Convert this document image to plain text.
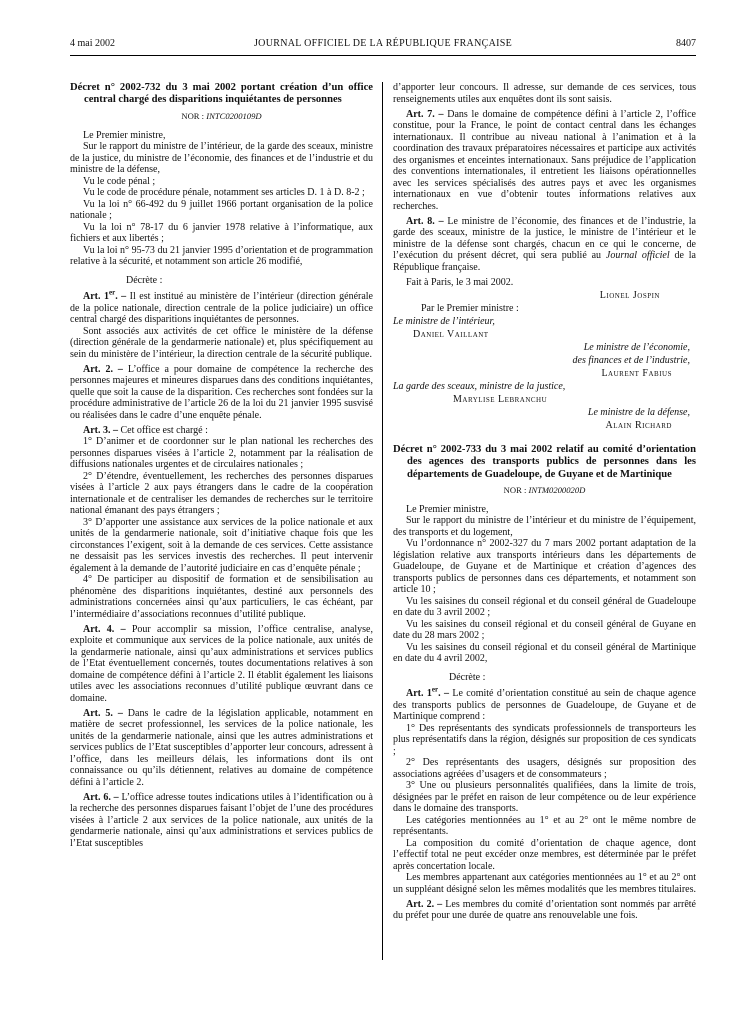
4 mai 2002	JOURNAL OFFICIEL DE LA RÉPUBLIQUE FRANÇAISE	8407
Décret n° 2002-732 du 3 mai 2002 portant création d’un office central chargé des disparitions inquiétantes de personnes
NOR : INTC0200109D
Le Premier ministre,
Sur le rapport du ministre de l’intérieur, de la garde des sceaux, ministre de la justice, du ministre de l’économie, des finances et de l’industrie et du ministre de la défense,
Vu le code pénal ;
Vu le code de procédure pénale, notamment ses articles D. 1 à D. 8-2 ;
Vu la loi n° 66-492 du 9 juillet 1966 portant organisation de la police nationale ;
Vu la loi n° 78-17 du 6 janvier 1978 relative à l’informatique, aux fichiers et aux libertés ;
Vu la loi n° 95-73 du 21 janvier 1995 d’orientation et de programmation relative à la sécurité, et notamment son article 26 modifié,
Décrète :
Art. 1er. – Il est institué au ministère de l’intérieur (direction générale de la police nationale, direction centrale de la police judiciaire) un office central chargé des disparitions inquiétantes de personnes.
Sont associés aux activités de cet office le ministère de la défense (direction générale de la gendarmerie nationale) et, plus spécifiquement au sein du ministère de l’intérieur, la direction centrale de la sécurité publique.
Art. 2. – L’office a pour domaine de compétence la recherche des personnes majeures et mineures disparues dans des conditions inquiétantes, quelle que soit la cause de la disparition. Ces recherches sont fondées sur la procédure administrative de l’article 26 de la loi du 21 janvier 1995 susvisé ou réalisées dans le cadre d’une enquête pénale.
Art. 3. – Cet office est chargé :
1° D’animer et de coordonner sur le plan national les recherches des personnes disparues visées à l’article 2, notamment par la réalisation de diffusions nationales urgentes et de circulaires nationales ;
2° D’étendre, éventuellement, les recherches des personnes disparues visées à l’article 2 aux pays étrangers dans le cadre de la coopération internationale et de centraliser les demandes de recherches sur le territoire national émanant des pays étrangers ;
3° D’apporter une assistance aux services de la police nationale et aux unités de la gendarmerie nationale, soit d’initiative chaque fois que les circonstances l’exigent, soit à la demande de ces services. Cette assistance ne dessaisit pas les services investis des recherches. Il peut intervenir également à la demande de l’autorité judiciaire en cas d’enquête pénale ;
4° De participer au dispositif de formation et de sensibilisation au phénomène des disparitions inquiétantes, destiné aux personnels des administrations concernées ainsi qu’aux particuliers, le cas échéant, par l’intermédiaire d’associations reconnues d’utilité publique.
Art. 4. – Pour accomplir sa mission, l’office centralise, analyse, exploite et communique aux services de la police nationale, aux unités de la gendarmerie nationale, ainsi qu’aux administrations et services publics de l’Etat éventuellement concernés, toutes documentations relatives à son domaine de compétence défini à l’article 2. Il établit également les liaisons utiles avec les associations reconnues d’utilité publique œuvrant dans ce domaine.
Art. 5. – Dans le cadre de la législation applicable, notamment en matière de secret professionnel, les services de la police nationale, les unités de la gendarmerie nationale, ainsi que les autres administrations et services publics de l’Etat susceptibles d’apporter leur concours, adressent à l’office, dans les meilleurs délais, les informations dont ils ont connaissance ou qu’ils détiennent, relatives au domaine de compétence défini à l’article 2.
Art. 6. – L’office adresse toutes indications utiles à l’identification ou à la recherche des personnes disparues faisant l’objet de l’une des procédures visées à l’article 2 aux services de la police nationale, aux unités de la gendarmerie nationale, ainsi qu’aux administrations et services publics de l’Etat susceptibles
d’apporter leur concours. Il adresse, sur demande de ces services, tous renseignements utiles aux enquêtes dont ils sont saisis.
Art. 7. – Dans le domaine de compétence défini à l’article 2, l’office constitue, pour la France, le point de contact central dans les échanges internationaux. Il contribue au niveau national à l’animation et à la coordination des travaux préparatoires nécessaires et participe aux activités des organismes et enceintes internationaux. Sans préjudice de l’application des conventions internationales, il entretient les liaisons opérationnelles avec les services spécialisés des autres pays et avec les organismes internationaux en vue d’obtenir toutes informations relatives aux recherches.
Art. 8. – Le ministre de l’économie, des finances et de l’industrie, la garde des sceaux, ministre de la justice, le ministre de l’intérieur et le ministre de la défense sont chargés, chacun en ce qui le concerne, de l’exécution du présent décret, qui sera publié au Journal officiel de la République française.
Fait à Paris, le 3 mai 2002.
Lionel Jospin
Par le Premier ministre :
Le ministre de l’intérieur,
Daniel Vaillant
Le ministre de l’économie,
des finances et de l’industrie,
Laurent Fabius
La garde des sceaux, ministre de la justice,
Marylise Lebranchu
Le ministre de la défense,
Alain Richard
Décret n° 2002-733 du 3 mai 2002 relatif au comité d’orientation des agences des transports publics de personnes dans les départements de Guadeloupe, de Guyane et de Martinique
NOR : INTM0200020D
Le Premier ministre,
Sur le rapport du ministre de l’intérieur et du ministre de l’équipement, des transports et du logement,
Vu l’ordonnance n° 2002-327 du 7 mars 2002 portant adaptation de la législation relative aux transports intérieurs dans les départements de Guadeloupe, de Guyane et de Martinique et création d’agences des transports publics de personnes dans ces départements, et notamment son article 10 ;
Vu les saisines du conseil régional et du conseil général de Guadeloupe en date du 3 avril 2002 ;
Vu les saisines du conseil régional et du conseil général de Guyane en date du 28 mars 2002 ;
Vu les saisines du conseil régional et du conseil général de Martinique en date du 4 avril 2002,
Décrète :
Art. 1er. – Le comité d’orientation constitué au sein de chaque agence des transports publics de personnes de Guadeloupe, de Guyane et de Martinique comprend :
1° Des représentants des syndicats professionnels de transporteurs les plus représentatifs dans la région, désignés sur proposition de ces syndicats ;
2° Des représentants des usagers, désignés sur proposition des associations agréées d’usagers et de consommateurs ;
3° Une ou plusieurs personnalités qualifiées, dans la limite de trois, désignées par le préfet en raison de leur compétence ou de leur expérience dans le domaine des transports.
Les catégories mentionnées au 1° et au 2° ont le même nombre de représentants.
La composition du comité d’orientation de chaque agence, dont l’effectif total ne peut excéder onze membres, est déterminée par le préfet après concertation locale.
Les membres appartenant aux catégories mentionnées au 1° et au 2° ont un suppléant désigné selon les mêmes modalités que les membres titulaires.
Art. 2. – Les membres du comité d’orientation sont nommés par arrêté du préfet pour une durée de quatre ans renouvelable une fois.
